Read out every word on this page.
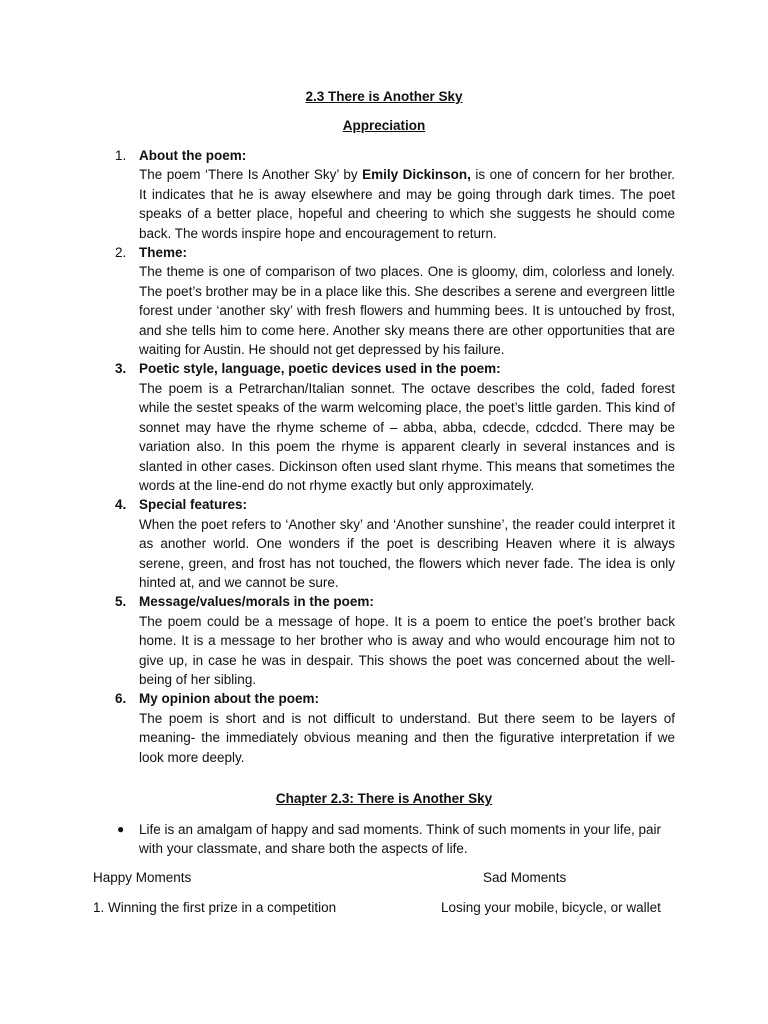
2.3 There is Another Sky
Appreciation
1. About the poem:
The poem ‘There Is Another Sky’ by Emily Dickinson, is one of concern for her brother. It indicates that he is away elsewhere and may be going through dark times. The poet speaks of a better place, hopeful and cheering to which she suggests he should come back. The words inspire hope and encouragement to return.
2. Theme:
The theme is one of comparison of two places. One is gloomy, dim, colorless and lonely. The poet’s brother may be in a place like this. She describes a serene and evergreen little forest under ‘another sky’ with fresh flowers and humming bees. It is untouched by frost, and she tells him to come here. Another sky means there are other opportunities that are waiting for Austin. He should not get depressed by his failure.
3. Poetic style, language, poetic devices used in the poem:
The poem is a Petrarchan/Italian sonnet. The octave describes the cold, faded forest while the sestet speaks of the warm welcoming place, the poet’s little garden. This kind of sonnet may have the rhyme scheme of – abba, abba, cdecde, cdcdcd. There may be variation also. In this poem the rhyme is apparent clearly in several instances and is slanted in other cases. Dickinson often used slant rhyme. This means that sometimes the words at the line-end do not rhyme exactly but only approximately.
4. Special features:
When the poet refers to ‘Another sky’ and ‘Another sunshine’, the reader could interpret it as another world. One wonders if the poet is describing Heaven where it is always serene, green, and frost has not touched, the flowers which never fade. The idea is only hinted at, and we cannot be sure.
5. Message/values/morals in the poem:
The poem could be a message of hope. It is a poem to entice the poet’s brother back home. It is a message to her brother who is away and who would encourage him not to give up, in case he was in despair. This shows the poet was concerned about the well-being of her sibling.
6. My opinion about the poem:
The poem is short and is not difficult to understand. But there seem to be layers of meaning- the immediately obvious meaning and then the figurative interpretation if we look more deeply.
Chapter 2.3: There is Another Sky
● Life is an amalgam of happy and sad moments. Think of such moments in your life, pair with your classmate, and share both the aspects of life.
Happy Moments	Sad Moments
1. Winning the first prize in a competition	Losing your mobile, bicycle, or wallet
